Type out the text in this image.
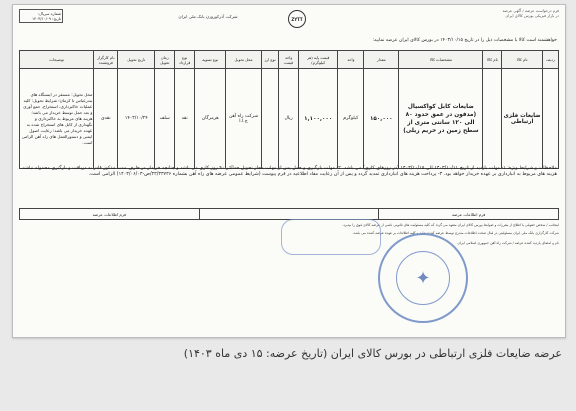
شماره سریال:
تاریخ: ۱۴۰۳/۱۰/۰۹	شرکت آذرکوروزن بانک ملی ایران	ZYTT
فرم درخواست عرضه / آگهی عرضه
در بازار فیزیکی بورس کالای ایران
خواهشمند است کالا با مشخصات ذیل را در تاریخ ۱۴۰۳/۱۰/۱۵ در بورس کالای ایران عرضه نمایید:
ردیف	نام کالا	نام کالا	مشخصات کالا	مقدار	واحد	قیمت پایه (هر کیلوگرم)	واحد قیمت	نوع ارز	محل تحویل	نوع تسویه	نوع قرارداد	زمان تحویل	تاریخ تحویل	نام کارگزار فروشنده	توضیحات
	ضایعات فلزی ارتباطی		ضایعات کابل کواکسیال (مدفون در عمق حدود ۸۰ الی ۱۲۰ سانتی متری از سطح زمین در حریم ریلی)	۱۵۰,۰۰۰	کیلوگرم	۱,۱۰۰,۰۰۰	ریال		شرکت راه آهن ج.ا.ا	هرمزگان	نقد	سلف	۱۴۰۳/۱۰/۲۴	نقدی	محل تحویل: مستقر در ایستگاه های بندرعباس تا کرمان؛ شرایط تحویل: کلیه عملیات خاکبرداری، استخراج، جمع آوری و بعد حمل توسط خریدار می باشد؛ هزینه های مربوط به خاکبرداری و نگهداری از کابل های استخراج شده به عهده خریدار می باشد؛ رعایت اصول ایمنی و دستورالعمل های راه آهن الزامی است.
ملاحظات و شرایط ویژه: ۱- مهلت بازدید از تاریخ ۱۴۰۳/۱۰/۱۱ الی ۱۴۰۳/۱۰/۱۵ (در روزهای کاری) می باشد. ۲- مهلت بارگیری و حمل پس از مهلت مجاز تحویل حداکثر ۹۰ روز کاری می باشد و چنانچه خریدار در ظرف مدت مذکور قادر به دریافت و بارگیری محموله نباشد، هزینه های مربوط به انبارداری بر عهده خریدار خواهد بود. ۳- پرداخت هزینه های انبارداری تمدید گردد و پس از آن رعایت مفاد اطلاعیه در فرم پیوست (شرایط عمومی عرضه های راه آهن بشماره ۲۳/۳۳۷۳۶/ص-۱۴۰۳/۰۶/۰۳) الزامی است.
فرم اطلاعات عرضه
فرم اطلاعات عرضه
اینجانب / شخص حقوقی با اطلاع از مقررات و ضوابط بورس کالای ایران متعهد می گردد که کلیه مسئولیت های قانونی ناشی از عرضه کالای فوق را بپذیرد.
شرکت کارگزاری بانک ملی ایران مسئولیتی در قبال صحت اطلاعات مندرج توسط عرضه کننده ندارد و کلیه اطلاعات بر عهده عرضه کننده می باشد.
نام و امضای بازدید کننده عرضه / شرکت راه آهن جمهوری اسلامی ایران
✦
عرضه ضایعات فلزی ارتباطی در بورس کالای ایران (تاریخ عرضه: ۱۵ دی ماه ۱۴۰۳)
